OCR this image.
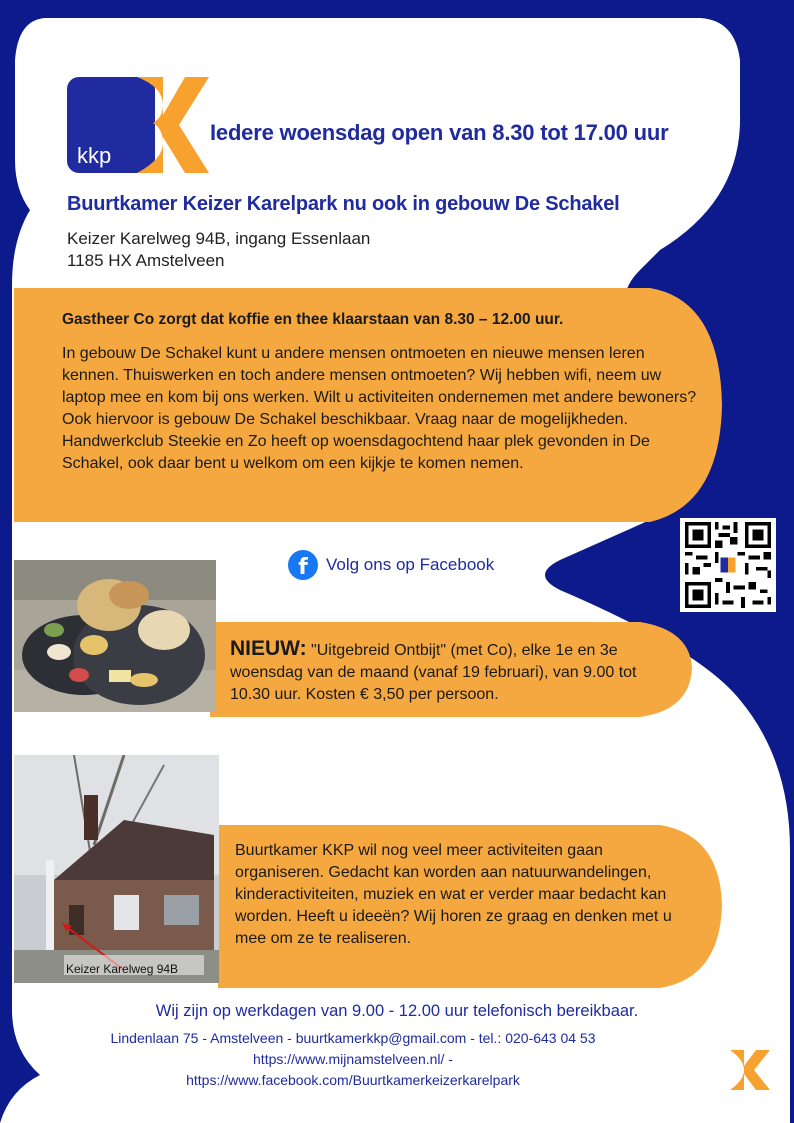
kkp
Iedere woensdag open van 8.30 tot 17.00 uur
Buurtkamer Keizer Karelpark nu ook in gebouw De Schakel
Keizer Karelweg 94B, ingang Essenlaan
1185 HX Amstelveen
Gastheer Co zorgt dat koffie en thee klaarstaan van 8.30 – 12.00 uur.
In gebouw De Schakel kunt u andere mensen ontmoeten en nieuwe mensen leren kennen. Thuiswerken en toch andere mensen ontmoeten? Wij hebben wifi, neem uw laptop mee en kom bij ons werken. Wilt u activiteiten ondernemen met andere bewoners? Ook hiervoor is gebouw De Schakel beschikbaar. Vraag naar de mogelijkheden. Handwerkclub Steekie en Zo heeft op woensdagochtend haar plek gevonden in De Schakel, ook daar bent u welkom om een kijkje te komen nemen.
f	Volg ons op Facebook
NIEUW: "Uitgebreid Ontbijt" (met Co), elke 1e en 3e woensdag van de maand (vanaf 19 februari), van 9.00 tot 10.30 uur. Kosten € 3,50 per persoon.
Keizer Karelweg 94B
Buurtkamer KKP wil nog veel meer activiteiten gaan organiseren. Gedacht kan worden aan natuurwandelingen, kinderactiviteiten, muziek en wat er verder maar bedacht kan worden. Heeft u ideeën? Wij horen ze graag en denken met u mee om ze te realiseren.
Wij zijn op werkdagen van 9.00 - 12.00 uur telefonisch bereikbaar.
Lindenlaan 75 - Amstelveen - buurtkamerkkp@gmail.com - tel.: 020-643 04 53
https://www.mijnamstelveen.nl/ -
https://www.facebook.com/Buurtkamerkeizerkarelpark
welkom
